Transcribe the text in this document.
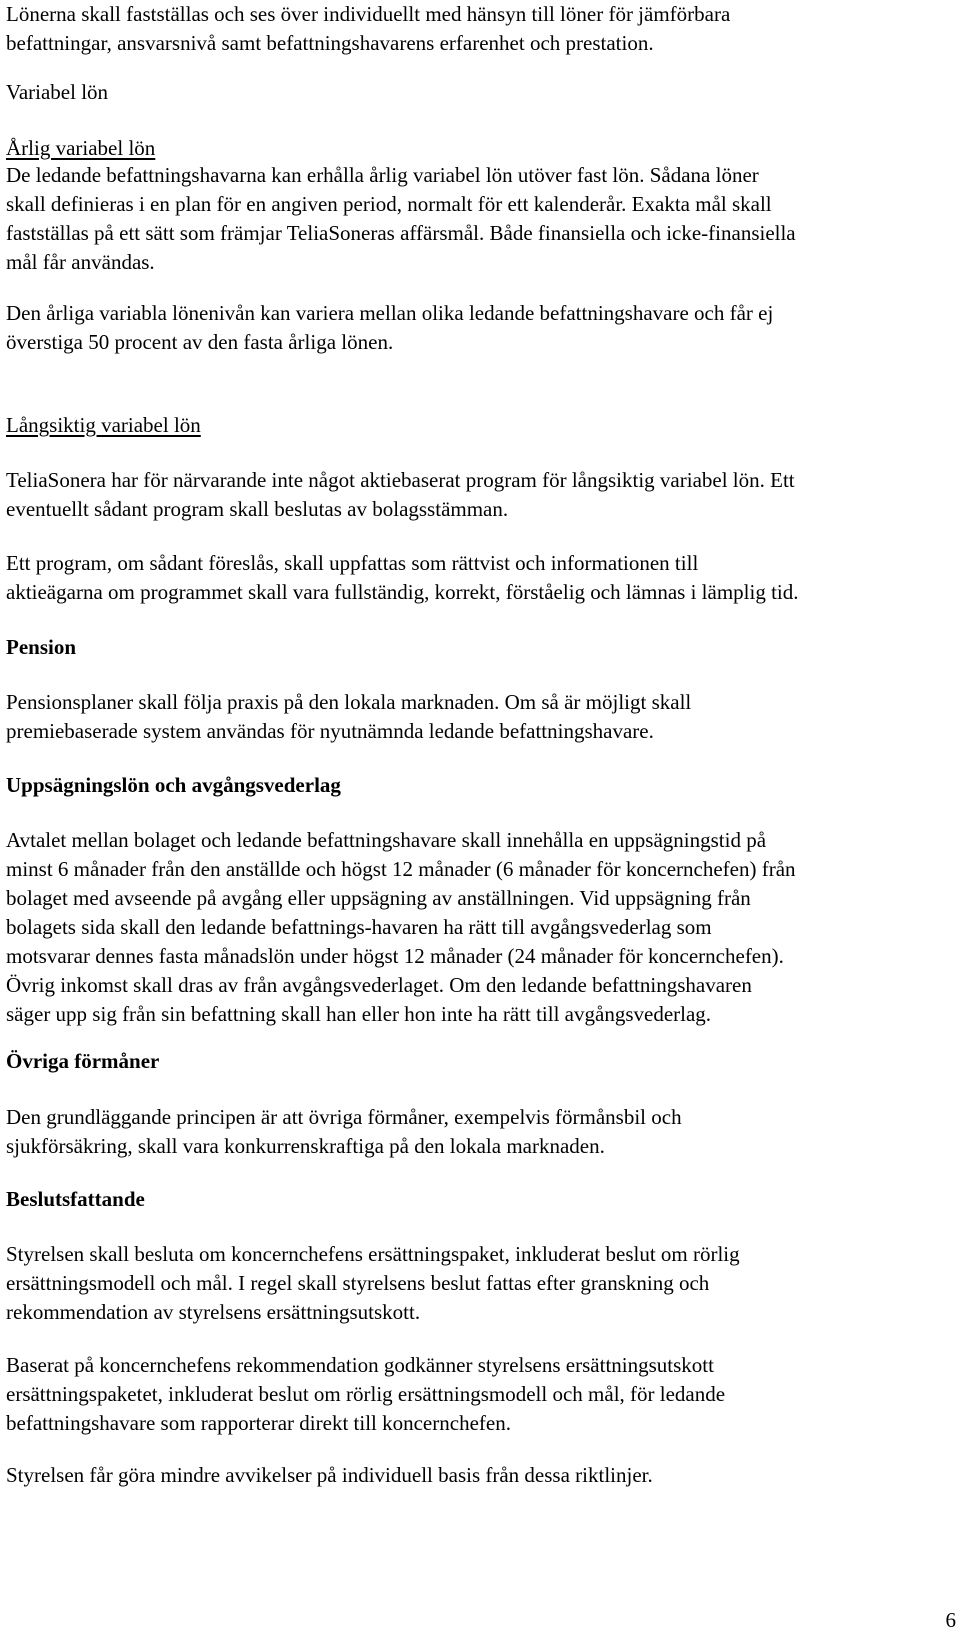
Lönerna skall fastställas och ses över individuellt med hänsyn till löner för jämförbara
befattningar, ansvarsnivå samt befattningshavarens erfarenhet och prestation.

Variabel lön

Årlig variabel lön

De ledande befattningshavarna kan erhålla årlig variabel lön utöver fast lön. Sådana löner
skall definieras i en plan för en angiven period, normalt för ett kalenderår. Exakta mål skall
fastställas på ett sätt som främjar TeliaSoneras affärsmål. Både finansiella och icke-finansiella
mål får användas.

Den årliga variabla lönenivån kan variera mellan olika ledande befattningshavare och får ej
överstiga 50 procent av den fasta årliga lönen.

Långsiktig variabel lön

TeliaSonera har för närvarande inte något aktiebaserat program för långsiktig variabel lön. Ett
eventuellt sådant program skall beslutas av bolagsstämman.

Ett program, om sådant föreslås, skall uppfattas som rättvist och informationen till
aktieägarna om programmet skall vara fullständig, korrekt, förståelig och lämnas i lämplig tid.

Pension

Pensionsplaner skall följa praxis på den lokala marknaden. Om så är möjligt skall
premiebaserade system användas för nyutnämnda ledande befattningshavare.

Uppsägningslön och avgångsvederlag

Avtalet mellan bolaget och ledande befattningshavare skall innehålla en uppsägningstid på
minst 6 månader från den anställde och högst 12 månader (6 månader för koncernchefen) från
bolaget med avseende på avgång eller uppsägning av anställningen. Vid uppsägning från
bolagets sida skall den ledande befattnings-havaren ha rätt till avgångsvederlag som
motsvarar dennes fasta månadslön under högst 12 månader (24 månader för koncernchefen).
Övrig inkomst skall dras av från avgångsvederlaget. Om den ledande befattningshavaren
säger upp sig från sin befattning skall han eller hon inte ha rätt till avgångsvederlag.

Övriga förmåner

Den grundläggande principen är att övriga förmåner, exempelvis förmånsbil och
sjukförsäkring, skall vara konkurrenskraftiga på den lokala marknaden.

Beslutsfattande

Styrelsen skall besluta om koncernchefens ersättningspaket, inkluderat beslut om rörlig
ersättningsmodell och mål. I regel skall styrelsens beslut fattas efter granskning och
rekommendation av styrelsens ersättningsutskott.

Baserat på koncernchefens rekommendation godkänner styrelsens ersättningsutskott
ersättningspaketet, inkluderat beslut om rörlig ersättningsmodell och mål, för ledande
befattningshavare som rapporterar direkt till koncernchefen.

Styrelsen får göra mindre avvikelser på individuell basis från dessa riktlinjer.

6
